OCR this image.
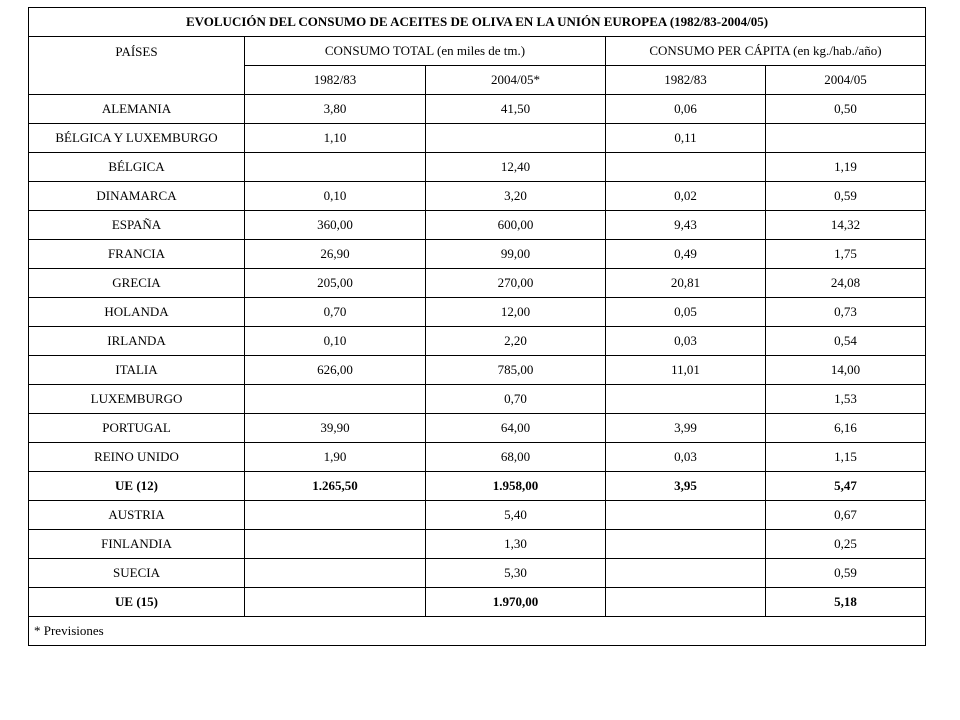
EVOLUCIÓN DEL CONSUMO DE ACEITES DE OLIVA EN LA UNIÓN EUROPEA (1982/83-2004/05)				
PAÍSES	CONSUMO TOTAL (en miles de tm.)		CONSUMO PER CÁPITA (en kg./hab./año)	
	1982/83	2004/05*	1982/83	2004/05
ALEMANIA	3,80	41,50	0,06	0,50
BÉLGICA Y LUXEMBURGO	1,10		0,11	
BÉLGICA		12,40		1,19
DINAMARCA	0,10	3,20	0,02	0,59
ESPAÑA	360,00	600,00	9,43	14,32
FRANCIA	26,90	99,00	0,49	1,75
GRECIA	205,00	270,00	20,81	24,08
HOLANDA	0,70	12,00	0,05	0,73
IRLANDA	0,10	2,20	0,03	0,54
ITALIA	626,00	785,00	11,01	14,00
LUXEMBURGO		0,70		1,53
PORTUGAL	39,90	64,00	3,99	6,16
REINO UNIDO	1,90	68,00	0,03	1,15
UE (12)	1.265,50	1.958,00	3,95	5,47
AUSTRIA		5,40		0,67
FINLANDIA		1,30		0,25
SUECIA		5,30		0,59
UE (15)		1.970,00		5,18
* Previsiones				
